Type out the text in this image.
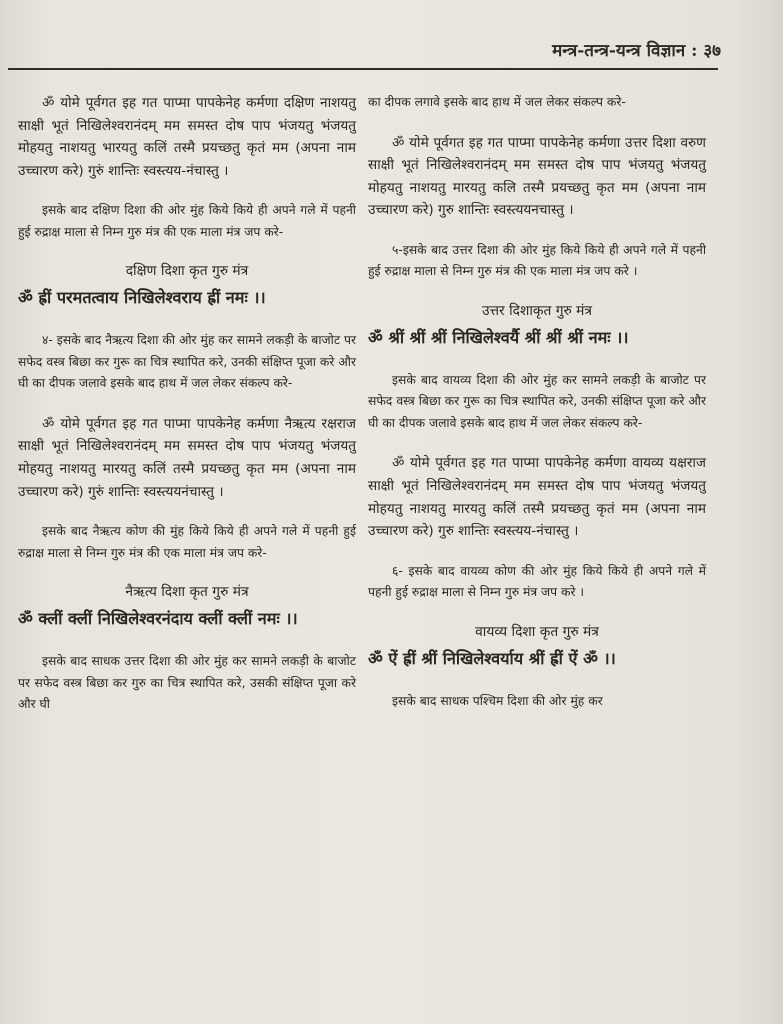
मन्त्र-तन्त्र-यन्त्र विज्ञान : ३७

ॐ योमे पूर्वगत इह गत पाप्मा पापकेनेह कर्मणा दक्षिण नाशयतु साक्षी भूतं निखिलेश्वरानंदम् मम समस्त दोष पाप भंजयतु भंजयतु मोहयतु नाशयतु भारयतु कलिं तस्मै प्रयच्छतु कृतं मम (अपना नाम उच्चारण करे) गुरुं शान्तिः स्वस्त्यय-नंचास्तु ।

इसके बाद दक्षिण दिशा की ओर मुंह किये किये ही अपने गले में पहनी हुई रुद्राक्ष माला से निम्न गुरु मंत्र की एक माला मंत्र जप करे-

दक्षिण दिशा कृत गुरु मंत्र

ॐ ह्रीं परमतत्वाय निखिलेश्वराय ह्रीं नमः ।।

४- इसके बाद नैऋत्य दिशा की ओर मुंह कर सामने लकड़ी के बाजोट पर सफेद वस्त्र बिछा कर गुरू का चित्र स्थापित करे, उनकी संक्षिप्त पूजा करे और घी का दीपक जलावे इसके बाद हाथ में जल लेकर संकल्प करे-

ॐ योमे पूर्वगत इह गत पाप्मा पापकेनेह कर्मणा नैऋत्य रक्षराज साक्षी भूतं निखिलेश्वरानंदम् मम समस्त दोष पाप भंजयतु भंजयतु मोहयतु नाशयतु मारयतु कलिं तस्मै प्रयच्छतु कृत मम (अपना नाम उच्चारण करे) गुरुं शान्तिः स्वस्त्ययनंचास्तु ।

इसके बाद नैऋत्य कोण की मुंह किये किये ही अपने गले में पहनी हुई रुद्राक्ष माला से निम्न गुरु मंत्र की एक माला मंत्र जप करे-

नैऋत्य दिशा कृत गुरु मंत्र

ॐ क्लीं क्लीं निखिलेश्वरनंदाय क्लीं क्लीं नमः ।।

इसके बाद साधक उत्तर दिशा की ओर मुंह कर सामने लकड़ी के बाजोट पर सफेद वस्त्र बिछा कर गुरु का चित्र स्थापित करे, उसकी संक्षिप्त पूजा करे और घी

का दीपक लगावे इसके बाद हाथ में जल लेकर संकल्प करे-

ॐ योमे पूर्वगत इह गत पाप्मा पापकेनेह कर्मणा उत्तर दिशा वरुण साक्षी भूतं निखिलेश्वरानंदम् मम समस्त दोष पाप भंजयतु भंजयतु मोहयतु नाशयतु मारयतु कलि तस्मै प्रयच्छतु कृत मम (अपना नाम उच्चारण करे) गुरु शान्तिः स्वस्त्ययनचास्तु ।

५-इसके बाद उत्तर दिशा की ओर मुंह किये किये ही अपने गले में पहनी हुई रुद्राक्ष माला से निम्न गुरु मंत्र की एक माला मंत्र जप करे ।

उत्तर दिशाकृत गुरु मंत्र

ॐ श्रीं श्रीं श्रीं निखिलेश्वर्यै श्रीं श्रीं श्रीं नमः ।।

इसके बाद वायव्य दिशा की ओर मुंह कर सामने लकड़ी के बाजोट पर सफेद वस्त्र बिछा कर गुरू का चित्र स्थापित करे, उनकी संक्षिप्त पूजा करे और घी का दीपक जलावे इसके बाद हाथ में जल लेकर संकल्प करे-

ॐ योमे पूर्वगत इह गत पाप्मा पापकेनेह कर्मणा वायव्य यक्षराज साक्षी भूतं निखिलेश्वरानंदम् मम समस्त दोष पाप भंजयतु भंजयतु मोहयतु नाशयतु मारयतु कलिं तस्मै प्रयच्छतु कृतं मम (अपना नाम उच्चारण करे) गुरु शान्तिः स्वस्त्यय-नंचास्तु ।

६- इसके बाद वायव्य कोण की ओर मुंह किये किये ही अपने गले में पहनी हुई रुद्राक्ष माला से निम्न गुरु मंत्र जप करे ।

वायव्य दिशा कृत गुरु मंत्र

ॐ ऐं ह्रीं श्रीं निखिलेश्वर्याय श्रीं ह्रीं ऐं ॐ ।।

इसके बाद साधक पश्चिम दिशा की ओर मुंह कर
